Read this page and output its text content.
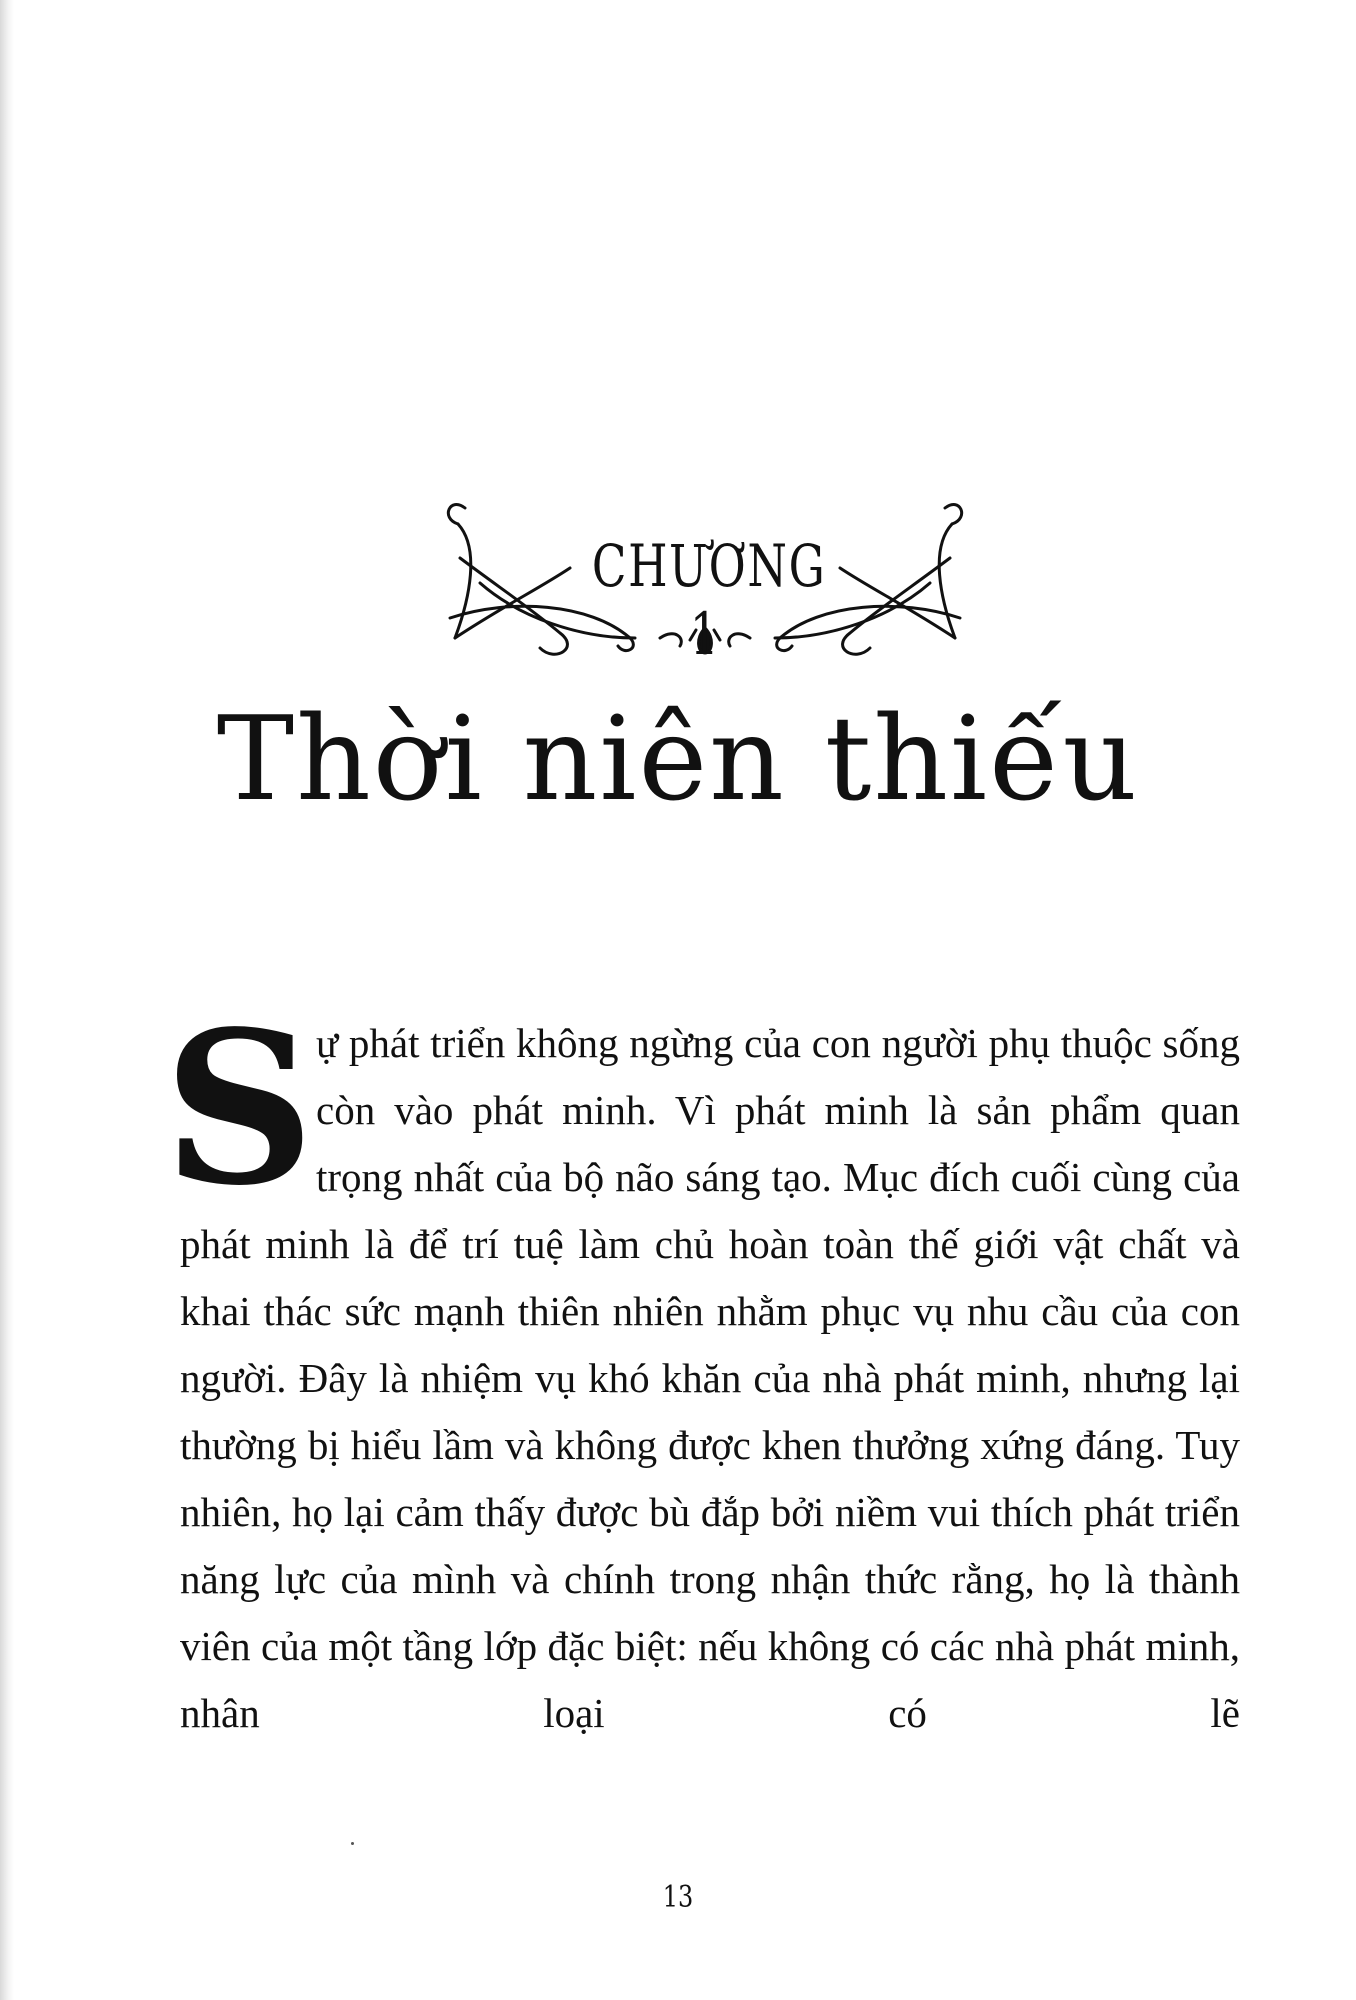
CHƯƠNG 1
Thời niên thiếu
S ự phát triển không ngừng của con người phụ thuộc sống còn vào phát minh. Vì phát minh là sản phẩm quan trọng nhất của bộ não sáng tạo. Mục đích cuối cùng của phát minh là để trí tuệ làm chủ hoàn toàn thế giới vật chất và khai thác sức mạnh thiên nhiên nhằm phục vụ nhu cầu của con người. Đây là nhiệm vụ khó khăn của nhà phát minh, nhưng lại thường bị hiểu lầm và không được khen thưởng xứng đáng. Tuy nhiên, họ lại cảm thấy được bù đắp bởi niềm vui thích phát triển năng lực của mình và chính trong nhận thức rằng, họ là thành viên của một tầng lớp đặc biệt: nếu không có các nhà phát minh, nhân loại có lẽ

13
